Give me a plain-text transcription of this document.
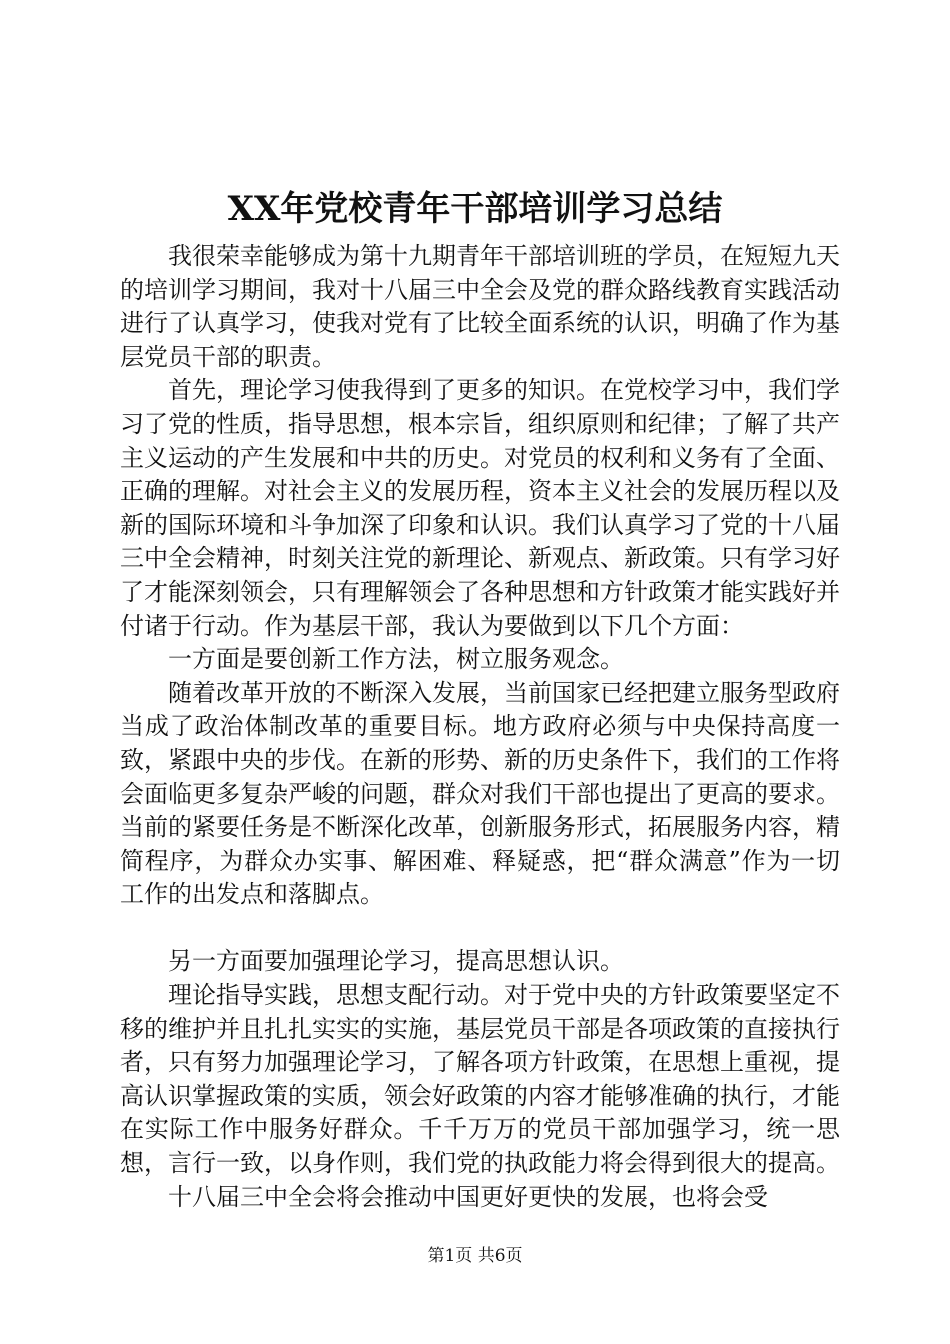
XX年党校青年干部培训学习总结

我很荣幸能够成为第十九期青年干部培训班的学员，在短短九天的培训学习期间，我对十八届三中全会及党的群众路线教育实践活动进行了认真学习，使我对党有了比较全面系统的认识，明确了作为基层党员干部的职责。

首先，理论学习使我得到了更多的知识。在党校学习中，我们学习了党的性质，指导思想，根本宗旨，组织原则和纪律；了解了共产主义运动的产生发展和中共的历史。对党员的权利和义务有了全面、正确的理解。对社会主义的发展历程，资本主义社会的发展历程以及新的国际环境和斗争加深了印象和认识。我们认真学习了党的十八届三中全会精神，时刻关注党的新理论、新观点、新政策。只有学习好了才能深刻领会，只有理解领会了各种思想和方针政策才能实践好并付诸于行动。作为基层干部，我认为要做到以下几个方面：

一方面是要创新工作方法，树立服务观念。

随着改革开放的不断深入发展，当前国家已经把建立服务型政府当成了政治体制改革的重要目标。地方政府必须与中央保持高度一致，紧跟中央的步伐。在新的形势、新的历史条件下，我们的工作将会面临更多复杂严峻的问题，群众对我们干部也提出了更高的要求。当前的紧要任务是不断深化改革，创新服务形式，拓展服务内容，精简程序，为群众办实事、解困难、释疑惑，把“群众满意”作为一切工作的出发点和落脚点。

另一方面要加强理论学习，提高思想认识。

理论指导实践，思想支配行动。对于党中央的方针政策要坚定不移的维护并且扎扎实实的实施，基层党员干部是各项政策的直接执行者，只有努力加强理论学习，了解各项方针政策，在思想上重视，提高认识掌握政策的实质，领会好政策的内容才能够准确的执行，才能在实际工作中服务好群众。千千万万的党员干部加强学习，统一思想，言行一致，以身作则，我们党的执政能力将会得到很大的提高。

十八届三中全会将会推动中国更好更快的发展，也将会受

第1页 共6页
